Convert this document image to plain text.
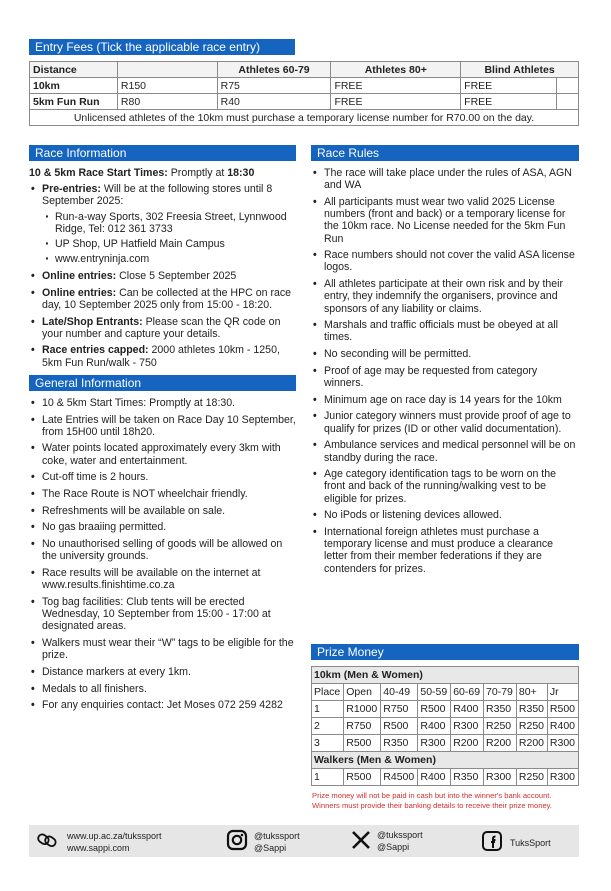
Entry Fees (Tick the applicable race entry)
Distance		Athletes 60-79	Athletes 80+	Blind Athletes	
10km	R150	R75	FREE	FREE	
5km Fun Run	R80	R40	FREE	FREE	
Unlicensed athletes of the 10km must purchase a temporary license number for R70.00 on the day.					
Race Information
10 & 5km Race Start Times: Promptly at 18:30
• Pre-entries: Will be at the following stores until 8 September 2025:
· Run-a-way Sports, 302 Freesia Street, Lynnwood Ridge, Tel: 012 361 3733
· UP Shop, UP Hatfield Main Campus
· www.entryninja.com
• Online entries: Close 5 September 2025
• Online entries: Can be collected at the HPC on race day, 10 September 2025 only from 15:00 - 18:20.
• Late/Shop Entrants: Please scan the QR code on your number and capture your details.
• Race entries capped: 2000 athletes 10km - 1250, 5km Fun Run/walk - 750
General Information
• 10 & 5km Start Times: Promptly at 18:30.
• Late Entries will be taken on Race Day 10 September, from 15H00 until 18h20.
• Water points located approximately every 3km with coke, water and entertainment.
• Cut-off time is 2 hours.
• The Race Route is NOT wheelchair friendly.
• Refreshments will be available on sale.
• No gas braaiing permitted.
• No unauthorised selling of goods will be allowed on the university grounds.
• Race results will be available on the internet at www.results.finishtime.co.za
• Tog bag facilities: Club tents will be erected Wednesday, 10 September from 15:00 - 17:00 at designated areas.
• Walkers must wear their “W” tags to be eligible for the prize.
• Distance markers at every 1km.
• Medals to all finishers.
• For any enquiries contact: Jet Moses 072 259 4282
Race Rules
• The race will take place under the rules of ASA, AGN and WA
• All participants must wear two valid 2025 License numbers (front and back) or a temporary license for the 10km race. No License needed for the 5km Fun Run
• Race numbers should not cover the valid ASA license logos.
• All athletes participate at their own risk and by their entry, they indemnify the organisers, province and sponsors of any liability or claims.
• Marshals and traffic officials must be obeyed at all times.
• No seconding will be permitted.
• Proof of age may be requested from category winners.
• Minimum age on race day is 14 years for the 10km
• Junior category winners must provide proof of age to qualify for prizes (ID or other valid documentation).
• Ambulance services and medical personnel will be on standby during the race.
• Age category identification tags to be worn on the front and back of the running/walking vest to be eligible for prizes.
• No iPods or listening devices allowed.
• International foreign athletes must purchase a temporary license and must produce a clearance letter from their member federations if they are contenders for prizes.
Prize Money
10km (Men & Women)							
Place	Open	40-49	50-59	60-69	70-79	80+	Jr
1	R1000	R750	R500	R400	R350	R350	R500
2	R750	R500	R400	R300	R250	R250	R400
3	R500	R350	R300	R200	R200	R200	R300
Walkers (Men & Women)							
1	R500	R4500	R400	R350	R300	R250	R300
Prize money will not be paid in cash but into the winner's bank account.
Winners must provide their banking details to receive their prize money.
www.up.ac.za/tukssport
www.sappi.com
@tukssport
@Sappi
@tukssport
@Sappi	TuksSport
